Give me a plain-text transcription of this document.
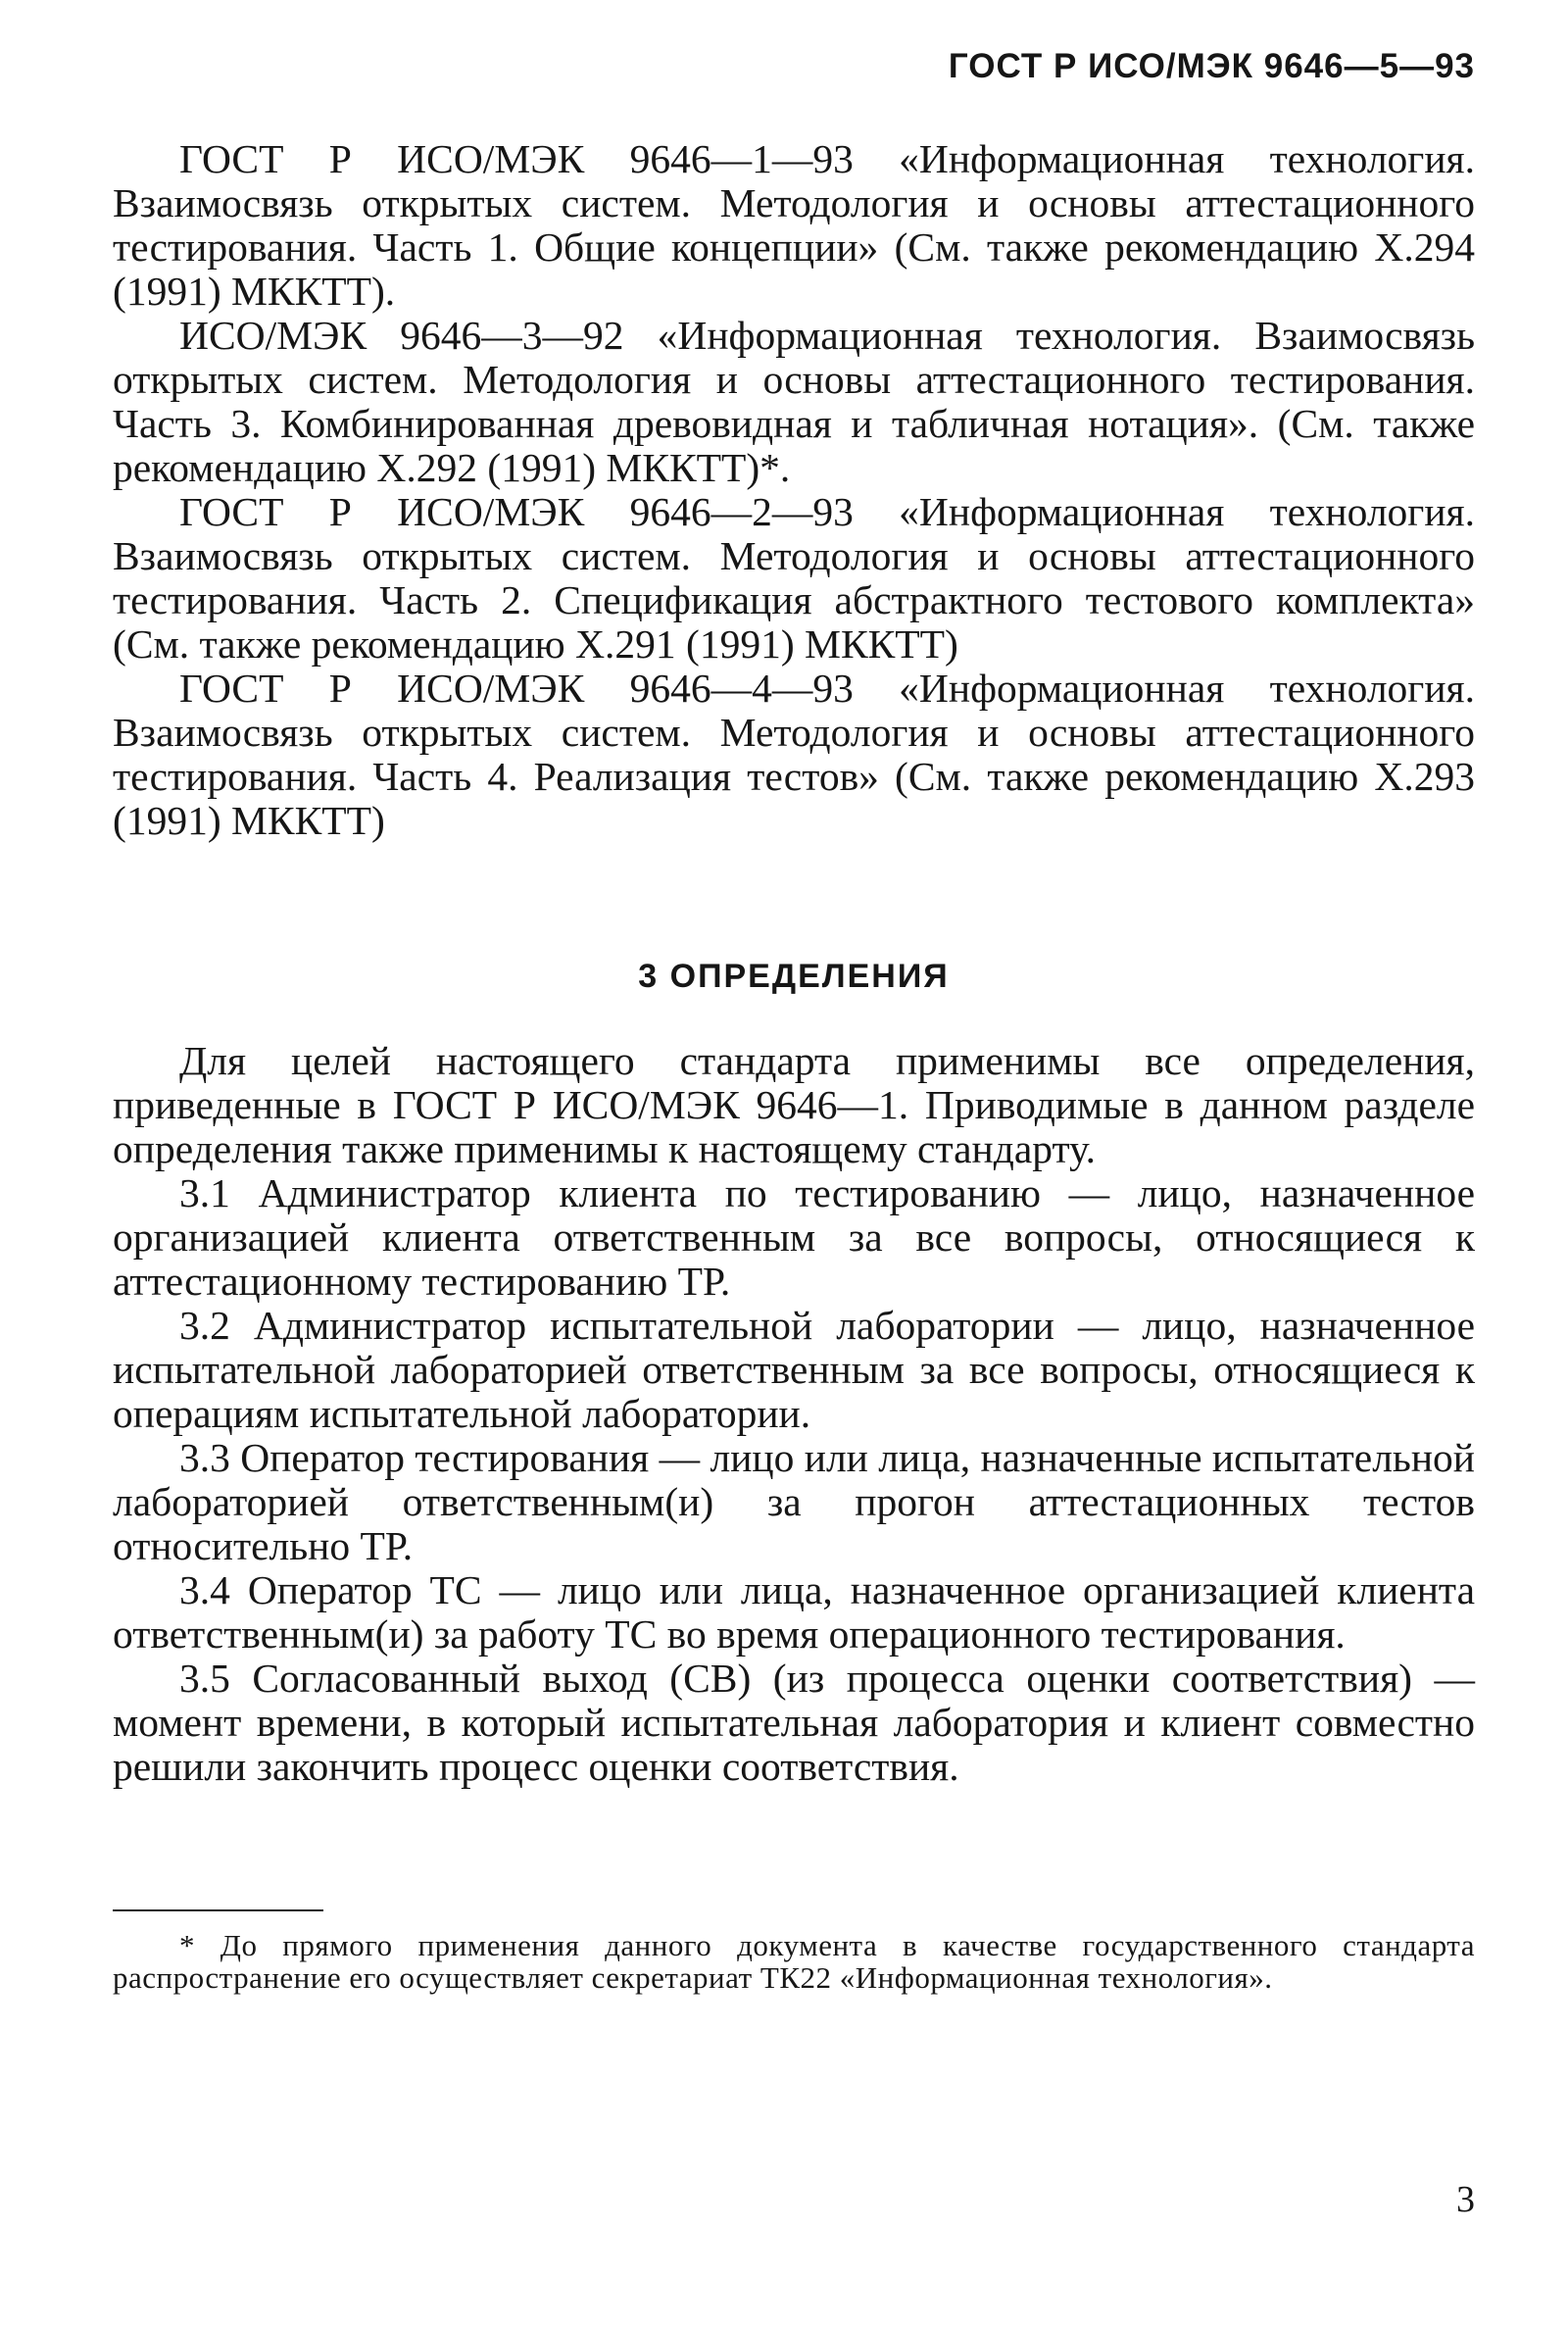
ГОСТ Р ИСО/МЭК 9646—5—93

ГОСТ Р ИСО/МЭК 9646—1—93 «Информационная технология. Взаимосвязь открытых систем. Методология и основы аттестационного тестирования. Часть 1. Общие концепции» (См. также рекомендацию X.294 (1991) МККТТ).

ИСО/МЭК 9646—3—92 «Информационная технология. Взаимосвязь открытых систем. Методология и основы аттестационного тестирования. Часть 3. Комбинированная древовидная и табличная нотация». (См. также рекомендацию X.292 (1991) МККТТ)*.

ГОСТ Р ИСО/МЭК 9646—2—93 «Информационная технология. Взаимосвязь открытых систем. Методология и основы аттестационного тестирования. Часть 2. Спецификация абстрактного тестового комплекта» (См. также рекомендацию X.291 (1991) МККТТ)

ГОСТ Р ИСО/МЭК 9646—4—93 «Информационная технология. Взаимосвязь открытых систем. Методология и основы аттестационного тестирования. Часть 4. Реализация тестов» (См. также рекомендацию X.293 (1991) МККТТ)

3 ОПРЕДЕЛЕНИЯ

Для целей настоящего стандарта применимы все определения, приведенные в ГОСТ Р ИСО/МЭК 9646—1. Приводимые в данном разделе определения также применимы к настоящему стандарту.

3.1 Администратор клиента по тестированию — лицо, назначенное организацией клиента ответственным за все вопросы, относящиеся к аттестационному тестированию ТР.

3.2 Администратор испытательной лаборатории — лицо, назначенное испытательной лабораторией ответственным за все вопросы, относящиеся к операциям испытательной лаборатории.

3.3 Оператор тестирования — лицо или лица, назначенные испытательной лабораторией ответственным(и) за прогон аттестационных тестов относительно ТР.

3.4 Оператор ТС — лицо или лица, назначенное организацией клиента ответственным(и) за работу ТС во время операционного тестирования.

3.5 Согласованный выход (СВ) (из процесса оценки соответствия) — момент времени, в который испытательная лаборатория и клиент совместно решили закончить процесс оценки соответствия.

* До прямого применения данного документа в качестве государственного стандарта распространение его осуществляет секретариат ТК22 «Информационная технология».
3
